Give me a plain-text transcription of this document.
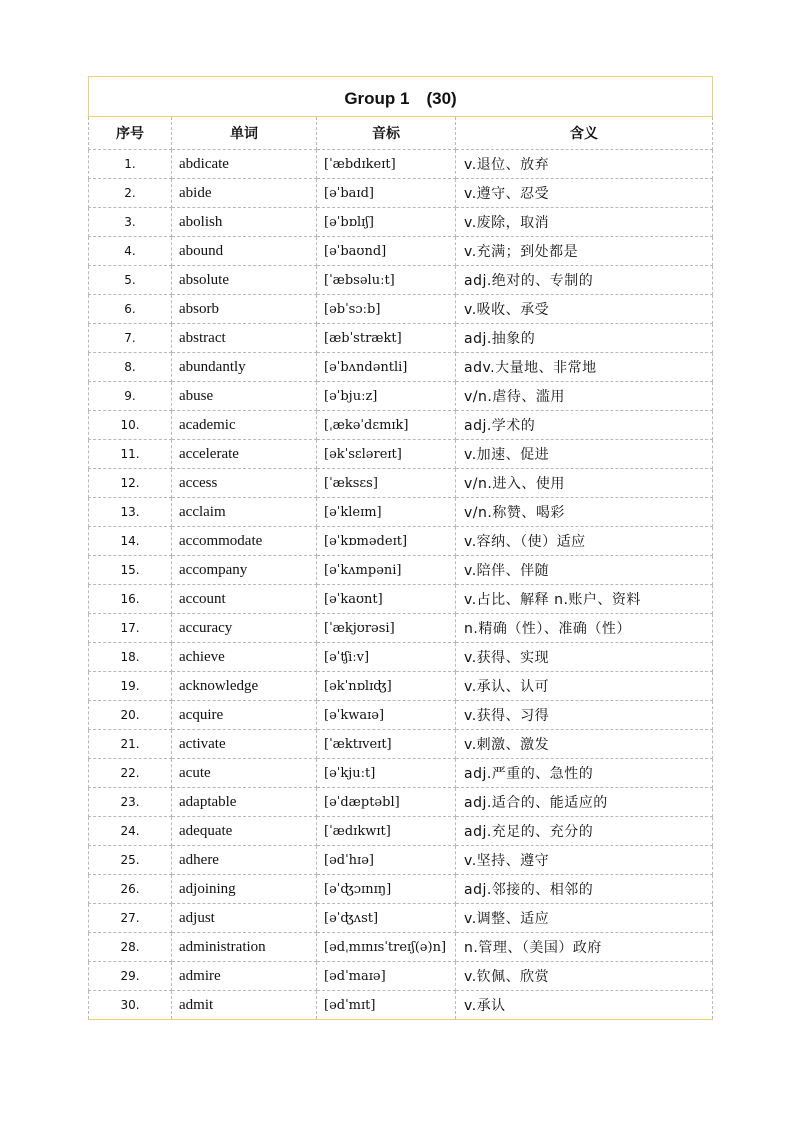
Group 1　(30)			
序号	单词	音标	含义
1.	abdicate	[ˈæbdɪkeɪt]	v.退位、放弃
2.	abide	[əˈbaɪd]	v.遵守、忍受
3.	abolish	[əˈbɒlɪʃ]	v.废除，取消
4.	abound	[əˈbaʊnd]	v.充满；到处都是
5.	absolute	[ˈæbsəluːt]	adj.绝对的、专制的
6.	absorb	[əbˈsɔːb]	v.吸收、承受
7.	abstract	[æbˈstrækt]	adj.抽象的
8.	abundantly	[əˈbʌndəntli]	adv.大量地、非常地
9.	abuse	[əˈbjuːz]	v/n.虐待、滥用
10.	academic	[ˌækəˈdɛmɪk]	adj.学术的
11.	accelerate	[əkˈsɛləreɪt]	v.加速、促进
12.	access	[ˈæksɛs]	v/n.进入、使用
13.	acclaim	[əˈkleɪm]	v/n.称赞、喝彩
14.	accommodate	[əˈkɒmədeɪt]	v.容纳、（使）适应
15.	accompany	[əˈkʌmpəni]	v.陪伴、伴随
16.	account	[əˈkaʊnt]	v.占比、解释 n.账户、资料
17.	accuracy	[ˈækjʊrəsi]	n.精确（性）、准确（性）
18.	achieve	[əˈʧiːv]	v.获得、实现
19.	acknowledge	[əkˈnɒlɪʤ]	v.承认、认可
20.	acquire	[əˈkwaɪə]	v.获得、习得
21.	activate	[ˈæktɪveɪt]	v.刺激、激发
22.	acute	[əˈkjuːt]	adj.严重的、急性的
23.	adaptable	[əˈdæptəbl]	adj.适合的、能适应的
24.	adequate	[ˈædɪkwɪt]	adj.充足的、充分的
25.	adhere	[ədˈhɪə]	v.坚持、遵守
26.	adjoining	[əˈʤɔɪnɪŋ]	adj.邻接的、相邻的
27.	adjust	[əˈʤʌst]	v.调整、适应
28.	administration	[ədˌmɪnɪsˈtreɪʃ(ə)n]	n.管理、（美国）政府
29.	admire	[ədˈmaɪə]	v.钦佩、欣赏
30.	admit	[ədˈmɪt]	v.承认
